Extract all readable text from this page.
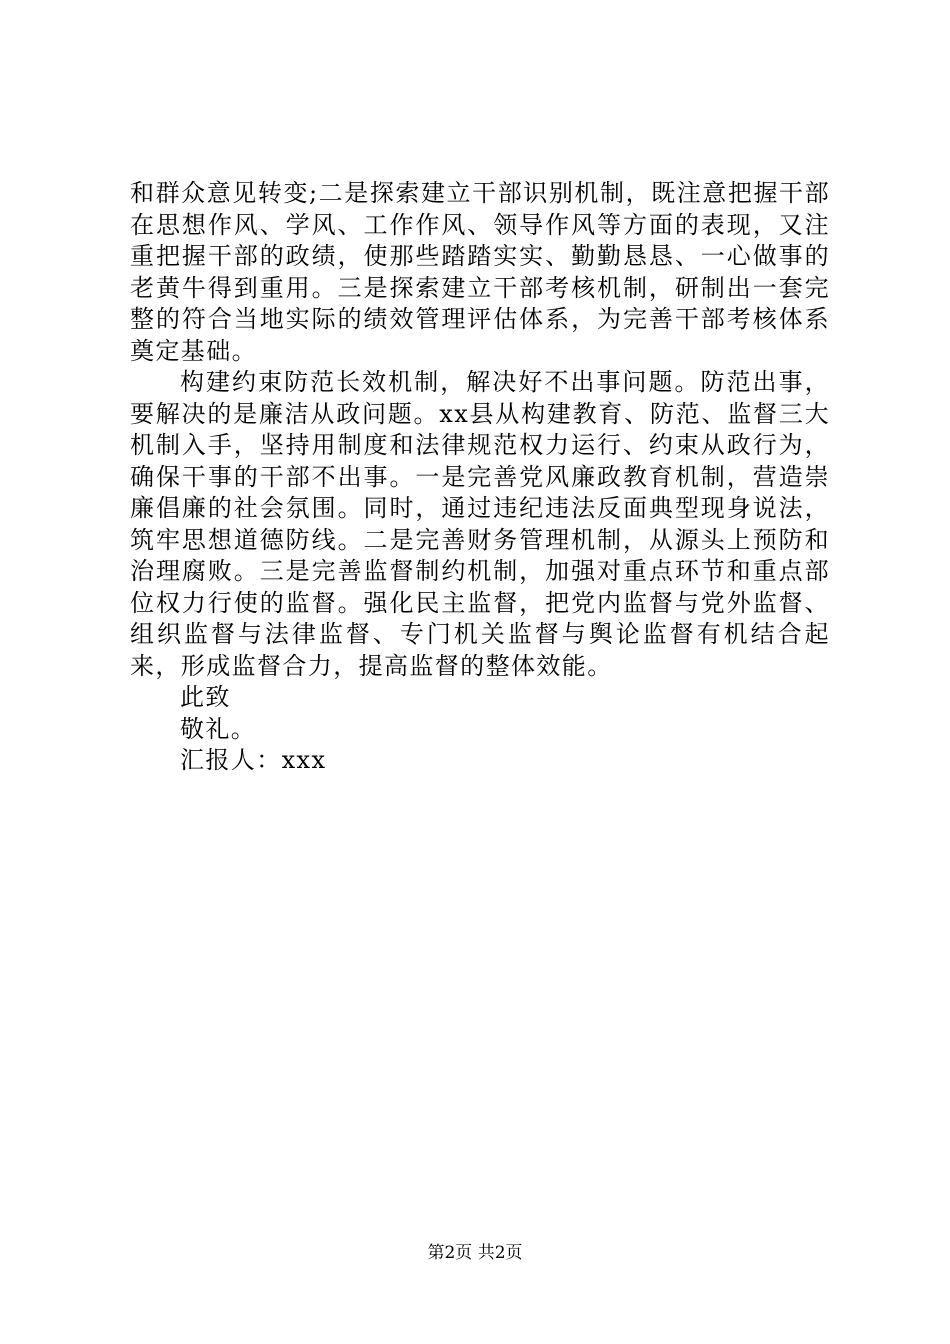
和群众意见转变;二是探索建立干部识别机制，既注意把握干部在思想作风、学风、工作作风、领导作风等方面的表现，又注重把握干部的政绩，使那些踏踏实实、勤勤恳恳、一心做事的老黄牛得到重用。三是探索建立干部考核机制，研制出一套完整的符合当地实际的绩效管理评估体系，为完善干部考核体系奠定基础。

构建约束防范长效机制，解决好不出事问题。防范出事，要解决的是廉洁从政问题。xx县从构建教育、防范、监督三大机制入手，坚持用制度和法律规范权力运行、约束从政行为，确保干事的干部不出事。一是完善党风廉政教育机制，营造崇廉倡廉的社会氛围。同时，通过违纪违法反面典型现身说法，筑牢思想道德防线。二是完善财务管理机制，从源头上预防和治理腐败。三是完善监督制约机制，加强对重点环节和重点部位权力行使的监督。强化民主监督，把党内监督与党外监督、组织监督与法律监督、专门机关监督与舆论监督有机结合起来，形成监督合力，提高监督的整体效能。

此致

敬礼。

汇报人：xxx

第2页 共2页
